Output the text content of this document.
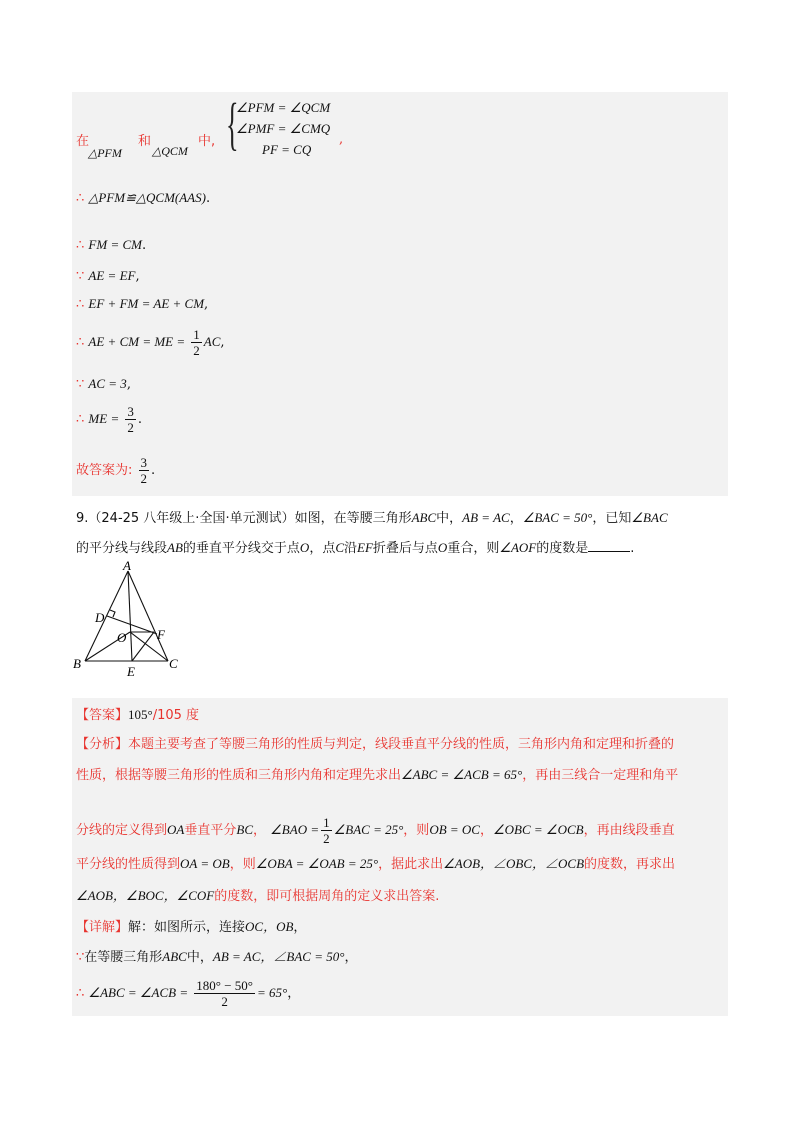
在
△PFM
和
△QCM
中, {
∠PFM = ∠QCM
∠PMF = ∠CMQ
PF = CQ
,
∴ △PFM≌△QCM(AAS).
∴ FM = CM.
∵ AE = EF,
∴ EF + FM = AE + CM,
∴ AE + CM = ME = $\frac{1}{2}$ AC,
∵ AC = 3,
∴ ME = $\frac{3}{2}$ .
故答案为: $\frac{3}{2}$ .
9.（24-25 八年级上·全国·单元测试）如图，在等腰三角形ABC中，AB = AC，∠BAC = 50°，已知∠BAC
的平分线与线段AB的垂直平分线交于点O，点C沿EF折叠后与点O重合，则∠AOF的度数是	.
A
D
O F
B
E
C
【答案】105°/105 度
【分析】本题主要考查了等腰三角形的性质与判定，线段垂直平分线的性质，三角形内角和定理和折叠的
性质，根据等腰三角形的性质和三角形内角和定理先求出∠ABC = ∠ACB = 65°，再由三线合一定理和角平
分线的定义得到OA垂直平分BC， ∠BAO = $\frac{1}{2}$ ∠BAC = 25°，则OB = OC，∠OBC = ∠OCB，再由线段垂直
平分线的性质得到OA = OB，则∠OBA = ∠OAB = 25°，据此求出∠AOB，∠OBC，∠OCB的度数，再求出
∠AOB，∠BOC，∠COF的度数，即可根据周角的定义求出答案.
【详解】解：如图所示，连接OC，OB，
∵在等腰三角形ABC中，AB = AC，∠BAC = 50°，
∴ ∠ABC = ∠ACB = $\frac{180^\circ - 50^\circ}{2} = 65^\circ$，
